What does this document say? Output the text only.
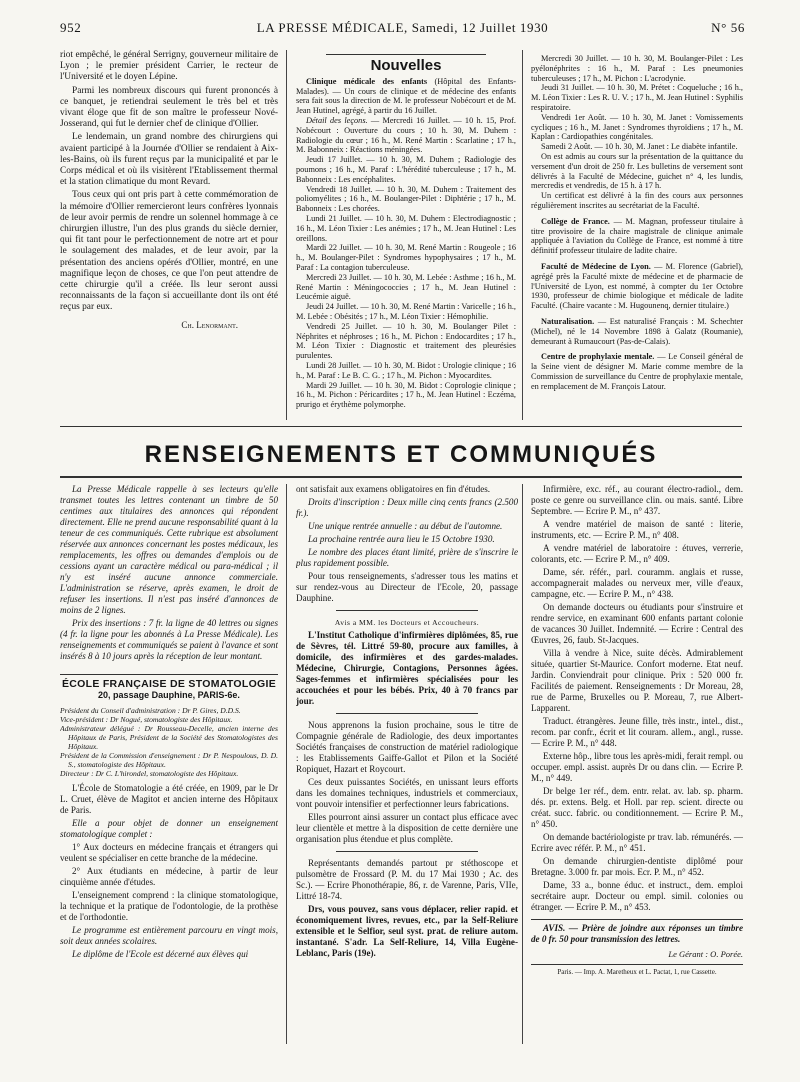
952	LA PRESSE MÉDICALE, Samedi, 12 Juillet 1930	N° 56

riot empêché, le général Serrigny, gouverneur militaire de Lyon ; le premier président Carrier, le recteur de l'Université et le doyen Lépine.

Parmi les nombreux discours qui furent prononcés à ce banquet, je retiendrai seulement le très bel et très vivant éloge que fit de son maître le professeur Nové-Josserand, qui fut le dernier chef de clinique d'Ollier.

Le lendemain, un grand nombre des chirurgiens qui avaient participé à la Journée d'Ollier se rendaient à Aix-les-Bains, où ils furent reçus par la municipalité et par le Corps médical et où ils visitèrent l'Etablissement thermal et la station climatique du mont Revard.

Tous ceux qui ont pris part à cette commémoration de la mémoire d'Ollier remercieront leurs confrères lyonnais de leur avoir permis de rendre un solennel hommage à ce chirurgien illustre, l'un des plus grands du siècle dernier, qui fit tant pour le perfectionnement de notre art et pour le soulagement des malades, et de leur avoir, par la présentation des anciens opérés d'Ollier, montré, en une magnifique leçon de choses, ce que l'on peut attendre de cette chirurgie qu'il a créée. Ils leur seront aussi reconnaissants de la façon si accueillante dont ils ont été reçus par eux.

Ch. Lenormant.
Nouvelles

Clinique médicale des enfants (Hôpital des Enfants-Malades). — Un cours de clinique et de médecine des enfants sera fait sous la direction de M. le professeur Nobécourt et de M. Jean Hutinel, agrégé, à partir du 16 Juillet.

Détail des leçons. — Mercredi 16 Juillet. — 10 h. 15, Prof. Nobécourt : Ouverture du cours ; 10 h. 30, M. Duhem : Radiologie du cœur ; 16 h., M. René Martin : Scarlatine ; 17 h., M. Babonneix : Réactions méningées.

Jeudi 17 Juillet. — 10 h. 30, M. Duhem ; Radiologie des poumons ; 16 h., M. Paraf : L'hérédité tuberculeuse ; 17 h., M. Babonneix : Les encéphalites.

Vendredi 18 Juillet. — 10 h. 30, M. Duhem : Traitement des poliomyélites ; 16 h., M. Boulanger-Pilet : Diphtérie ; 17 h., M. Babonneix : Les chorées.

Lundi 21 Juillet. — 10 h. 30, M. Duhem : Electrodiagnostic ; 16 h., M. Léon Tixier : Les anémies ; 17 h., M. Jean Hutinel : Les oreillons.

Mardi 22 Juillet. — 10 h. 30, M. René Martin : Rougeole ; 16 h., M. Boulanger-Pilet : Syndromes hypophysaires ; 17 h., M. Paraf : La contagion tuberculeuse.

Mercredi 23 Juillet. — 10 h. 30, M. Lebée : Asthme ; 16 h., M. René Martin : Méningococcies ; 17 h., M. Jean Hutinel : Leucémie aiguë.

Jeudi 24 Juillet. — 10 h. 30, M. René Martin : Varicelle ; 16 h., M. Lebée : Obésités ; 17 h., M. Léon Tixier : Hémophilie.

Vendredi 25 Juillet. — 10 h. 30, M. Boulanger Pilet : Néphrites et néphroses ; 16 h., M. Pichon : Endocardites ; 17 h., M. Léon Tixier : Diagnostic et traitement des pleurésies purulentes.

Lundi 28 Juillet. — 10 h. 30, M. Bidot : Urologie clinique ; 16 h., M. Paraf : Le B. C. G. ; 17 h., M. Pichon : Myocardites.

Mardi 29 Juillet. — 10 h. 30, M. Bidot : Coprologie clinique ; 16 h., M. Pichon : Péricardites ; 17 h., M. Jean Hutinel : Eczéma, prurigo et érythème polymorphe.

Mercredi 30 Juillet. — 10 h. 30, M. Boulanger-Pilet : Les pyélonéphrites : 16 h., M. Paraf : Les pneumonies tuberculeuses ; 17 h., M. Pichon : L'acrodynie.

Jeudi 31 Juillet. — 10 h. 30, M. Prétet : Coqueluche ; 16 h., M. Léon Tixier : Les R. U. V. ; 17 h., M. Jean Hutinel : Syphilis respiratoire.

Vendredi 1er Août. — 10 h. 30, M. Janet : Vomissements cycliques ; 16 h., M. Janet : Syndromes thyroïdiens ; 17 h., M. Kaplan : Cardiopathies congénitales.

Samedi 2 Août. — 10 h. 30, M. Janet : Le diabète infantile.

On est admis au cours sur la présentation de la quittance du versement d'un droit de 250 fr. Les bulletins de versement sont délivrés à la Faculté de Médecine, guichet n° 4, les lundis, mercredis et vendredis, de 15 h. à 17 h.

Un certificat est délivré à la fin des cours aux personnes régulièrement inscrites au secrétariat de la Faculté.

Collège de France. — M. Magnan, professeur titulaire à titre provisoire de la chaire magistrale de clinique animale appliquée à l'aviation du Collège de France, est nommé à titre définitif professeur titulaire de ladite chaire.

Faculté de Médecine de Lyon. — M. Florence (Gabriel), agrégé près la Faculté mixte de médecine et de pharmacie de l'Université de Lyon, est nommé, à compter du 1er Octobre 1930, professeur de chimie biologique et médicale de ladite Faculté. (Chaire vacante : M. Hugounenq, dernier titulaire.)

Naturalisation. — Est naturalisé Français : M. Schechter (Michel), né le 14 Novembre 1898 à Galatz (Roumanie), demeurant à Rumaucourt (Pas-de-Calais).

Centre de prophylaxie mentale. — Le Conseil général de la Seine vient de désigner M. Marie comme membre de la Commission de surveillance du Centre de prophylaxie mentale, en remplacement de M. François Latour.

RENSEIGNEMENTS ET COMMUNIQUÉS

La Presse Médicale rappelle à ses lecteurs qu'elle transmet toutes les lettres contenant un timbre de 50 centimes aux titulaires des annonces qui répondent directement. Elle ne prend aucune responsabilité quant à la teneur de ces communiqués. Cette rubrique est absolument réservée aux annonces concernant les postes médicaux, les remplacements, les offres ou demandes d'emplois ou de cessions ayant un caractère médical ou para-médical ; il n'y est inséré aucune annonce commerciale. L'administration se réserve, après examen, le droit de refuser les insertions. Il n'est pas inséré d'annonces de moins de 2 lignes.

Prix des insertions : 7 fr. la ligne de 40 lettres ou signes (4 fr. la ligne pour les abonnés à La Presse Médicale). Les renseignements et communiqués se paient à l'avance et sont insérés 8 à 10 jours après la réception de leur montant.

ÉCOLE FRANÇAISE DE STOMATOLOGIE
20, passage Dauphine, PARIS-6e.
Président du Conseil d'administration : Dr P. Gires, D.D.S.
Vice-président : Dr Nogué, stomatologiste des Hôpitaux.
Administrateur délégué : Dr Rousseau-Decelle, ancien interne des Hôpitaux de Paris, Président de la Société des Stomatologistes des Hôpitaux.
Président de la Commission d'enseignement : Dr P. Nespoulous, D. D. S., stomatologiste des Hôpitaux.
Directeur : Dr C. L'hirondel, stomatologiste des Hôpitaux.

L'École de Stomatologie a été créée, en 1909, par le Dr L. Cruet, élève de Magitot et ancien interne des Hôpitaux de Paris.

Elle a pour objet de donner un enseignement stomatologique complet :

1° Aux docteurs en médecine français et étrangers qui veulent se spécialiser en cette branche de la médecine.

2° Aux étudiants en médecine, à partir de leur cinquième année d'études.

L'enseignement comprend : la clinique stomatologique, la technique et la pratique de l'odontologie, de la prothèse et de l'orthodontie.

Le programme est entièrement parcouru en vingt mois, soit deux années scolaires.

Le diplôme de l'Ecole est décerné aux élèves qui

ont satisfait aux examens obligatoires en fin d'études.

Droits d'inscription : Deux mille cinq cents francs (2.500 fr.).

Une unique rentrée annuelle : au début de l'automne.

La prochaine rentrée aura lieu le 15 Octobre 1930.

Le nombre des places étant limité, prière de s'inscrire le plus rapidement possible.

Pour tous renseignements, s'adresser tous les matins et sur rendez-vous au Directeur de l'Ecole, 20, passage Dauphine.

Avis a MM. les Docteurs et Accoucheurs.

L'Institut Catholique d'infirmières diplômées, 85, rue de Sèvres, tél. Littré 59-80, procure aux familles, à domicile, des infirmières et des gardes-malades. Médecine, Chirurgie, Contagions, Personnes âgées. Sages-femmes et infirmières spécialisées pour les accouchées et pour les bébés. Prix, 40 à 70 francs par jour.

Nous apprenons la fusion prochaine, sous le titre de Compagnie générale de Radiologie, des deux importantes Sociétés françaises de construction de matériel radiologique : les Etablissements Gaiffe-Gallot et Pilon et la Société Ropiquet, Hazart et Roycourt.

Ces deux puissantes Sociétés, en unissant leurs efforts dans les domaines techniques, industriels et commerciaux, vont pouvoir intensifier et perfectionner leurs fabrications.

Elles pourront ainsi assurer un contact plus efficace avec leur clientèle et mettre à la disposition de cette dernière une organisation plus étendue et plus complète.

Représentants demandés partout pr stéthoscope et pulsomètre de Frossard (P. M. du 17 Mai 1930 ; Ac. des Sc.). — Ecrire Phonothérapie, 86, r. de Varenne, Paris, VIIe, Littré 18-74.

Drs, vous pouvez, sans vous déplacer, relier rapid. et économiquement livres, revues, etc., par la Self-Reliure extensible et le Selfior, seul syst. prat. de reliure autom. instantané. S'adr. La Self-Reliure, 14, Villa Eugène-Leblanc, Paris (19e).

Infirmière, exc. réf., au courant électro-radiol., dem. poste ce genre ou surveillance clin. ou mais. santé. Libre Septembre. — Ecrire P. M., n° 437.

A vendre matériel de maison de santé : literie, instruments, etc. — Ecrire P. M., n° 408.

A vendre matériel de laboratoire : étuves, verrerie, colorants, etc. — Ecrire P. M., n° 409.

Dame, sér. référ., parl. couramm. anglais et russe, accompagnerait malades ou nerveux mer, ville d'eaux, campagne, etc. — Ecrire P. M., n° 438.

On demande docteurs ou étudiants pour s'instruire et rendre service, en examinant 600 enfants partant colonie de vacances 30 Juillet. Indemnité. — Ecrire : Central des Œuvres, 26, faub. St-Jacques.

Villa à vendre à Nice, suite décès. Admirablement située, quartier St-Maurice. Confort moderne. Etat neuf. Jardin. Conviendrait pour clinique. Prix : 520 000 fr. Facilités de paiement. Renseignements : Dr Moreau, 28, rue de Parme, Bruxelles ou P. Moreau, 7, rue Albert-Lapparent.

Traduct. étrangères. Jeune fille, très instr., intel., dist., recom. par confr., écrit et lit couram. allem., angl., russe. — Ecrire P. M., n° 448.

Externe hôp., libre tous les après-midi, ferait rempl. ou occuper. empl. assist. auprès Dr ou dans clin. — Ecrire P. M., n° 449.

Dr belge 1er réf., dem. entr. relat. av. lab. sp. pharm. dés. pr. extens. Belg. et Holl. par rep. scient. directe ou créat. succ. fabric. ou conditionnement. — Ecrire P. M., n° 450.

On demande bactériologiste pr trav. lab. rémunérés. — Ecrire avec référ. P. M., n° 451.

On demande chirurgien-dentiste diplômé pour Bretagne. 3.000 fr. par mois. Ecr. P. M., n° 452.

Dame, 33 a., bonne éduc. et instruct., dem. emploi secrétaire aupr. Docteur ou empl. simil. colonies ou étranger. — Ecrire P. M., n° 453.

AVIS. — Prière de joindre aux réponses un timbre de 0 fr. 50 pour transmission des lettres.

Le Gérant : O. Porée.
Paris. — Imp. A. Maretheux et L. Pactat, 1, rue Cassette.
